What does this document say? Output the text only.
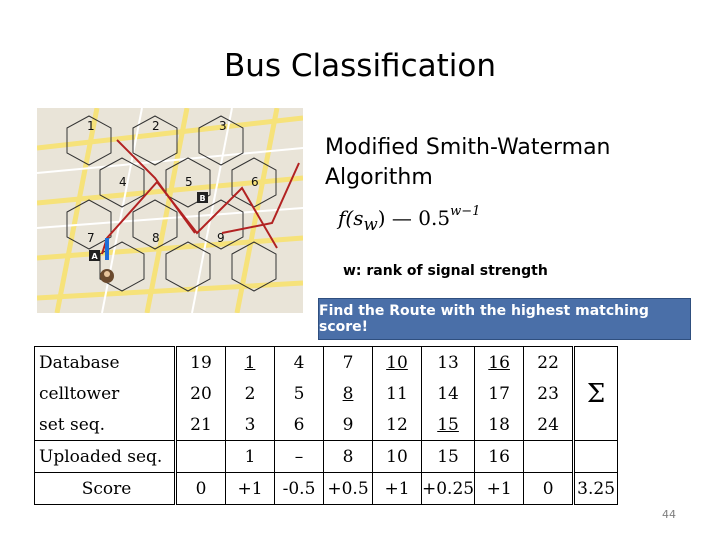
Bus Classification
1	2	3
4	5	6
7	8	9
A
B
Modified Smith-Waterman
Algorithm
$f(s_w)$ — $0.5^{w-1}$
w: rank of signal strength
Find the Route with the highest matching score!
Database	19	1	4	7	10	13	16	22	Σ
celltower	20	2	5	8	11	14	17	23	
set seq.	21	3	6	9	12	15	18	24	
Uploaded seq.		1	–	8	10	15	16		
Score	0	+1	-0.5	+0.5	+1	+0.25	+1	0	3.25
44
